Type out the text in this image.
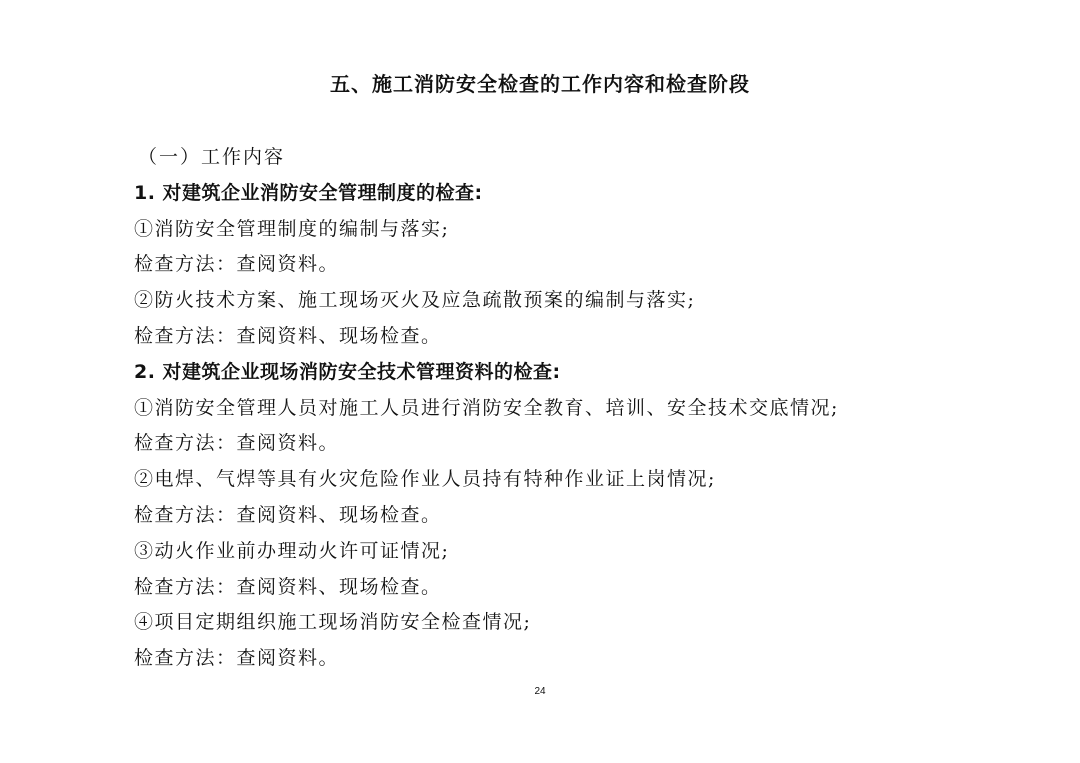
五、施工消防安全检查的工作内容和检查阶段
（一）工作内容
1. 对建筑企业消防安全管理制度的检查:
①消防安全管理制度的编制与落实;
检查方法：查阅资料。
②防火技术方案、施工现场灭火及应急疏散预案的编制与落实;
检查方法：查阅资料、现场检查。
2. 对建筑企业现场消防安全技术管理资料的检查:
①消防安全管理人员对施工人员进行消防安全教育、培训、安全技术交底情况;
检查方法：查阅资料。
②电焊、气焊等具有火灾危险作业人员持有特种作业证上岗情况;
检查方法：查阅资料、现场检查。
③动火作业前办理动火许可证情况;
检查方法：查阅资料、现场检查。
④项目定期组织施工现场消防安全检查情况;
检查方法：查阅资料。
24
